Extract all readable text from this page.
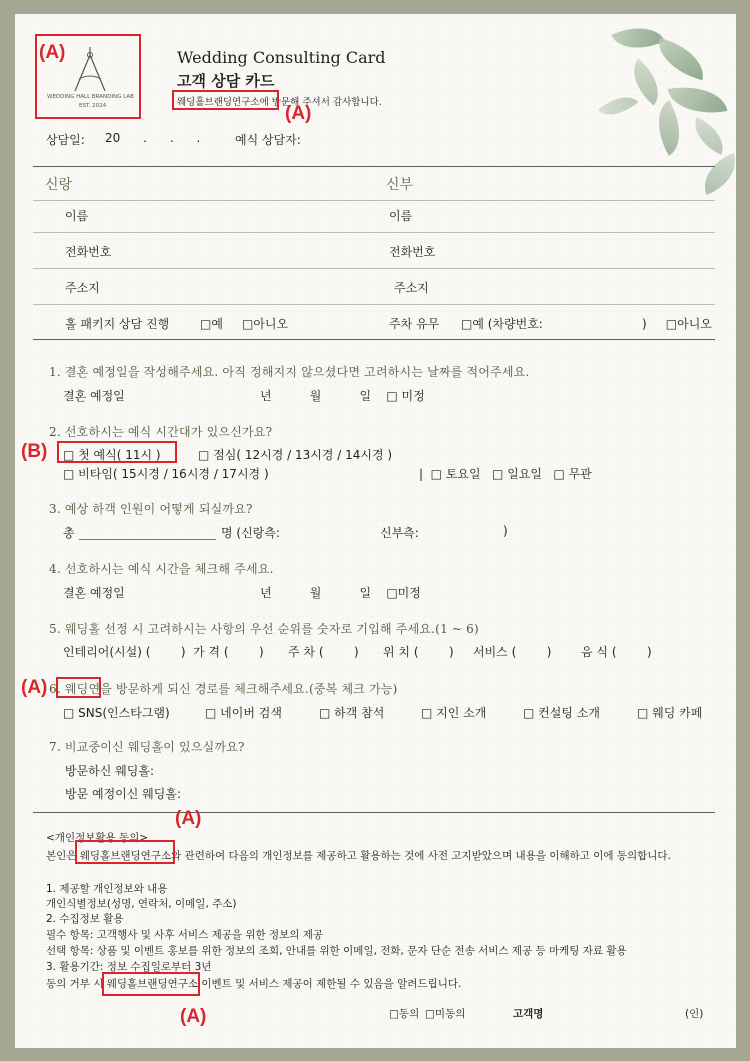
WEDDING HALL BRANDING LAB
EST. 2024
Wedding Consulting Card
고객 상담 카드
웨딩홀브랜딩연구소에 방문해 주셔서 감사합니다.
상담일: 20      .      .      .	예식 상담자:
신랑	신부
이름	이름
전화번호	전화번호
주소지	주소지
홀 패키지 상담 진행	□예     □아니오	주차 유무 □예 (차량번호:                          )     □아니오
1. 결혼 예정일을 작성해주세요. 아직 정해지지 않으셨다면 고려하시는 날짜를 적어주세요.
결혼 예정일	년          월          일    □ 미정
2. 선호하시는 예식 시간대가 있으신가요?
□ 첫 예식( 11시 )	□ 점심( 12시경 / 13시경 / 14시경 )
□ 비타임( 15시경 / 16시경 / 17시경 )	|  □ 토요일   □ 일요일   □ 무관
3. 예상 하객 인원이 어떻게 되실까요?
총	명 (신랑측:	신부측:	)
4. 선호하시는 예식 시간을 체크해 주세요.
결혼 예정일	년          월          일    □미정
5. 웨딩홀 선정 시 고려하시는 사항의 우선 순위를 숫자로 기입해 주세요.(1 ~ 6)
인테리어(시설) (        ) 가 격 (        ) 주 차 (        ) 위 치 (        ) 서비스 (        ) 음 식 (        )
6. 웨딩연을 방문하게 되신 경로를 체크해주세요.(중복 체크 가능)
□ SNS(인스타그램)	□ 네이버 검색	□ 하객 참석	□ 지인 소개	□ 컨설팅 소개	□ 웨딩 카페
7. 비교중이신 웨딩홀이 있으실까요?
방문하신 웨딩홀:
방문 예정이신 웨딩홀:
<개인정보활용 동의>
본인은 웨딩홀브랜딩연구소와 관련하여 다음의 개인정보를 제공하고 활용하는 것에 사전 고지받았으며 내용을 이해하고 이에 동의합니다.
1. 제공할 개인정보와 내용
개인식별정보(성명, 연락처, 이메일, 주소)
2. 수집정보 활용
필수 항목: 고객행사 및 사후 서비스 제공을 위한 정보의 제공
선택 항목: 상품 및 이벤트 홍보를 위한 정보의 조회, 안내를 위한 이메일, 전화, 문자 단순 전송 서비스 제공 등 마케팅 자료 활용
3. 활용기간: 정보 수집일로부터 3년
동의 거부 시 웨딩홀브랜딩연구소 이벤트 및 서비스 제공이 제한될 수 있음을 알려드립니다.
□동의 □미동의	고객명	(인)
(A)
(A)
(B)
(A)
(A)
(A)
